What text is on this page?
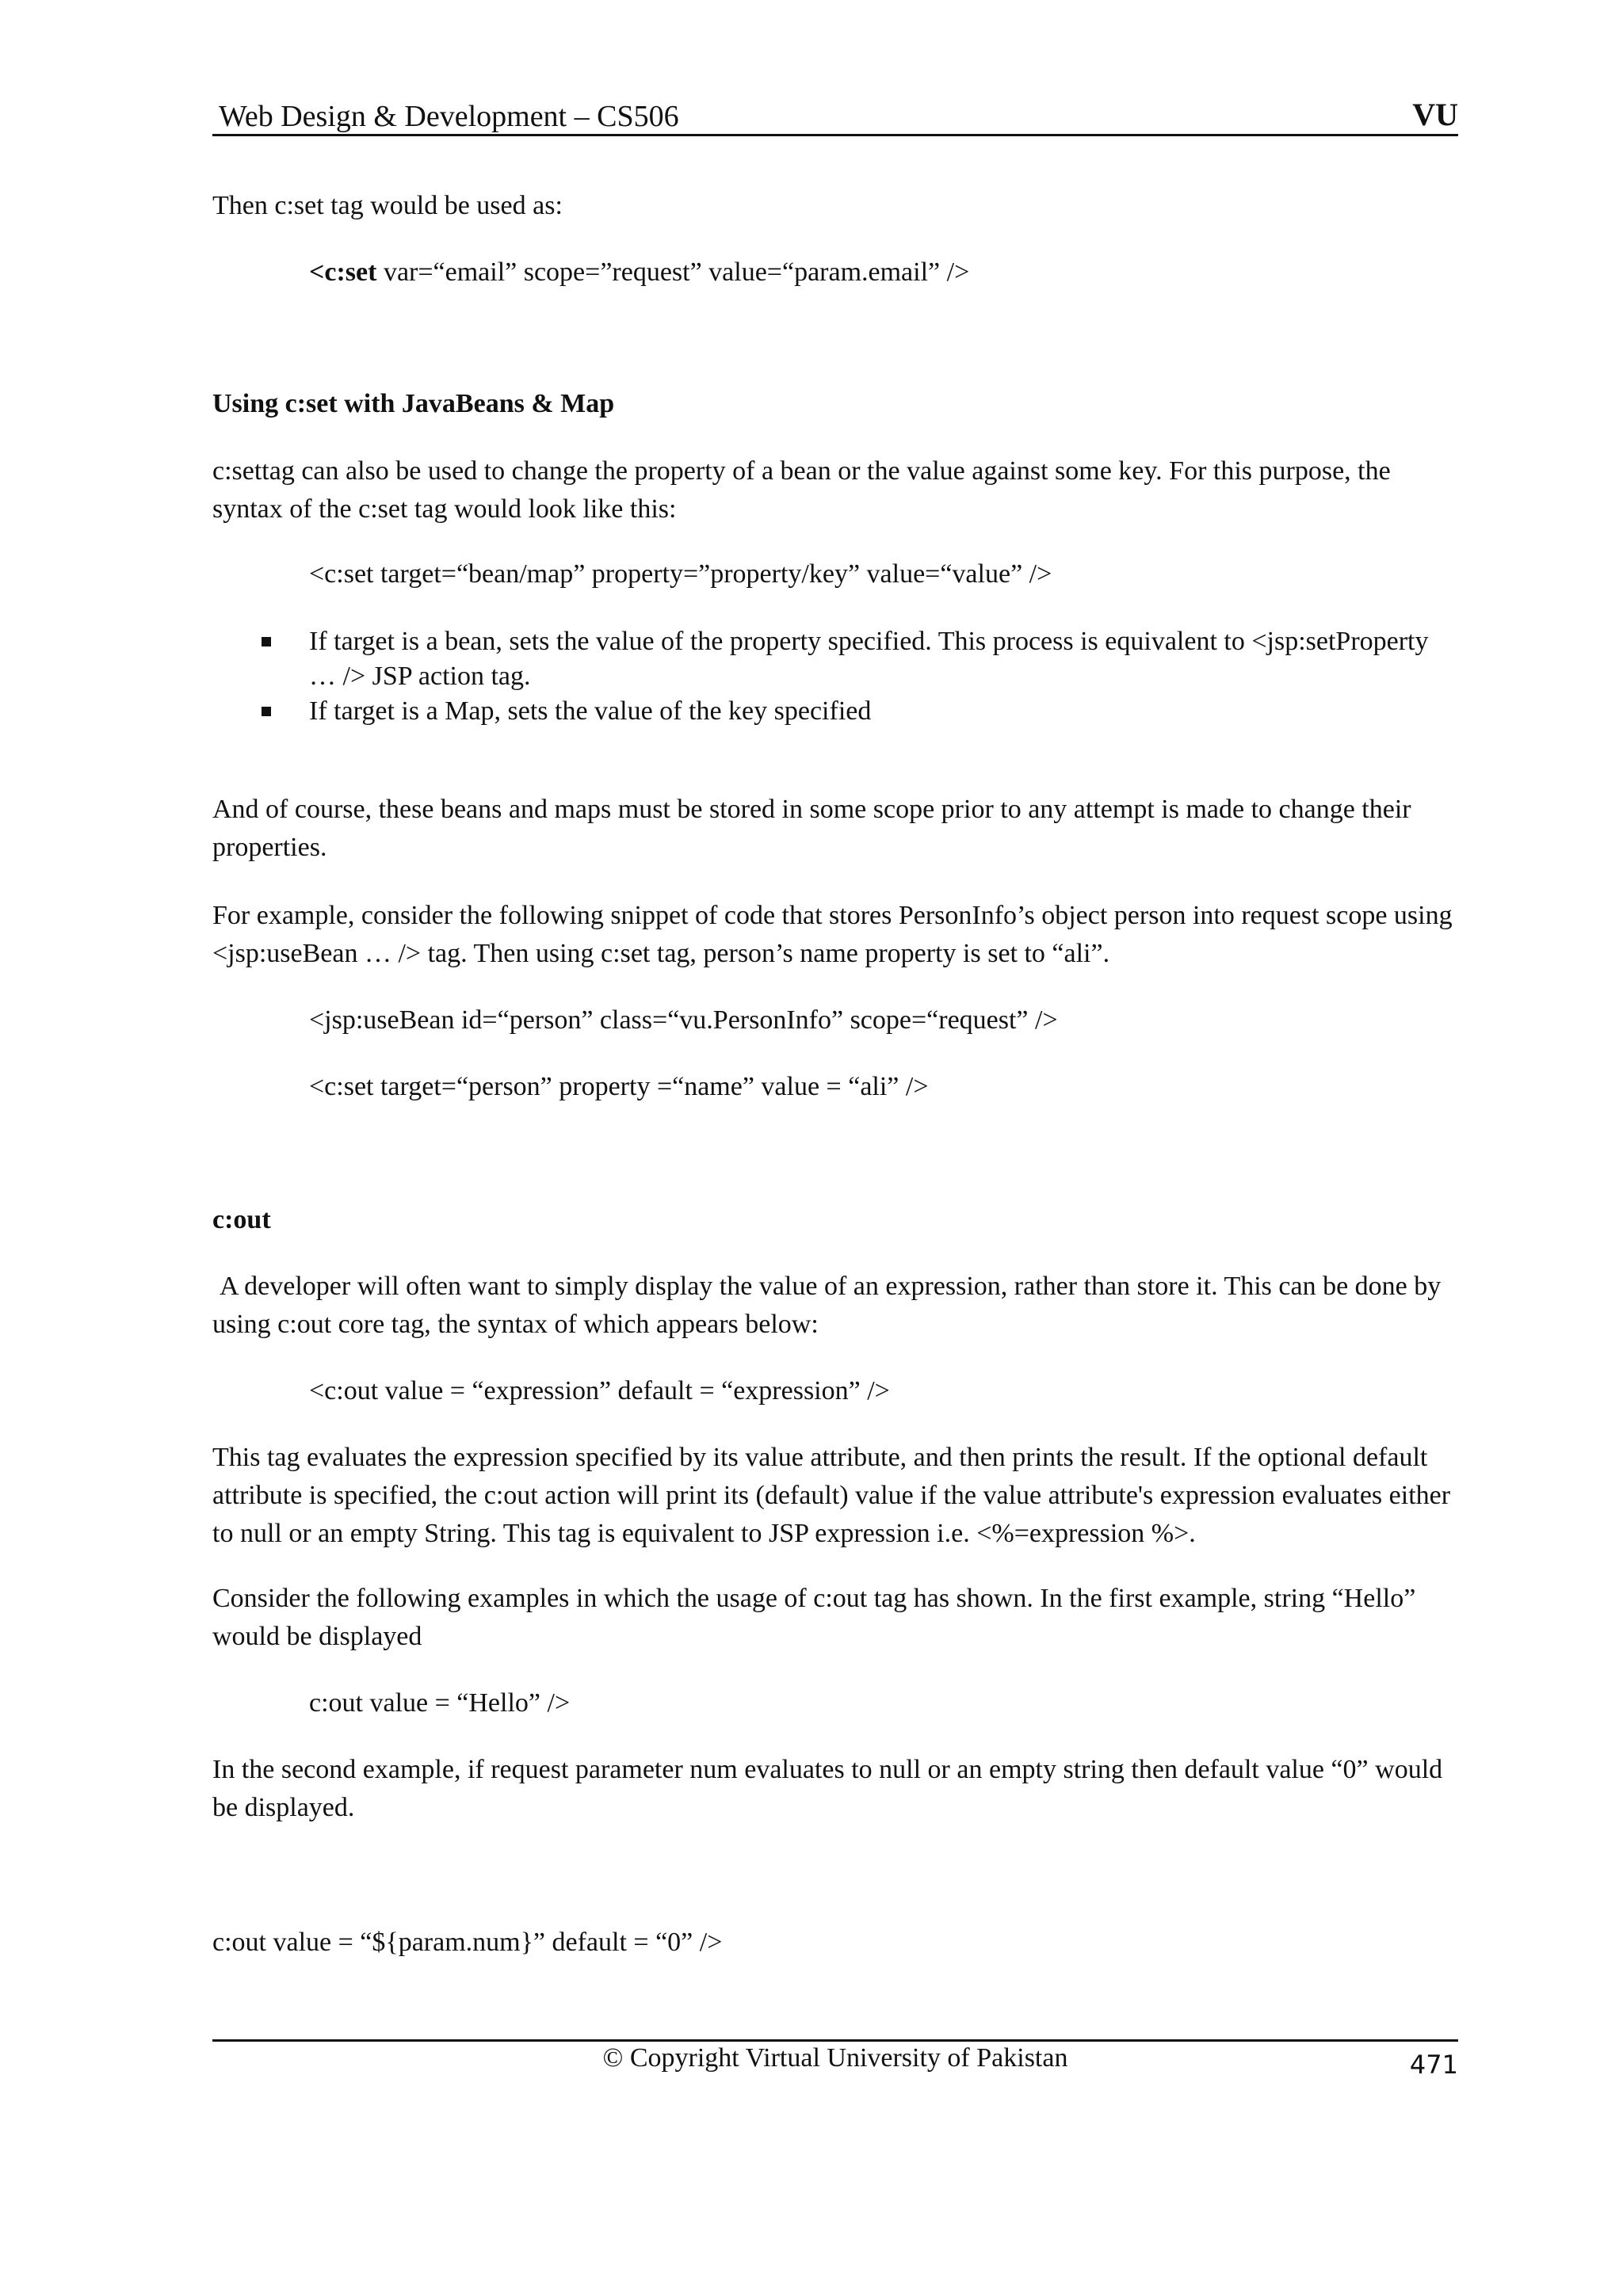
Web Design & Development – CS506	VU
Then c:set tag would be used as:
<c:set var=“email” scope=”request” value=“param.email” />
Using c:set with JavaBeans & Map
c:settag can also be used to change the property of a bean or the value against some key. For this purpose, the syntax of the c:set tag would look like this:
<c:set target=“bean/map” property=”property/key” value=“value” />
If target is a bean, sets the value of the property specified. This process is equivalent to <jsp:setProperty … /> JSP action tag.
If target is a Map, sets the value of the key specified
And of course, these beans and maps must be stored in some scope prior to any attempt is made to change their properties.
For example, consider the following snippet of code that stores PersonInfo’s object person into request scope using <jsp:useBean … /> tag. Then using c:set tag, person’s name property is set to “ali”.
<jsp:useBean id=“person” class=“vu.PersonInfo” scope=“request” />
<c:set target=“person” property =“name” value = “ali” />
c:out
A developer will often want to simply display the value of an expression, rather than store it. This can be done by using c:out core tag, the syntax of which appears below:
<c:out value = “expression” default = “expression” />
This tag evaluates the expression specified by its value attribute, and then prints the result. If the optional default attribute is specified, the c:out action will print its (default) value if the value attribute's expression evaluates either to null or an empty String. This tag is equivalent to JSP expression i.e. <%=expression %>.
Consider the following examples in which the usage of c:out tag has shown. In the first example, string “Hello” would be displayed
c:out value = “Hello” />
In the second example, if request parameter num evaluates to null or an empty string then default value “0” would be displayed.
c:out value = “${param.num}” default = “0” />
© Copyright Virtual University of Pakistan	471
